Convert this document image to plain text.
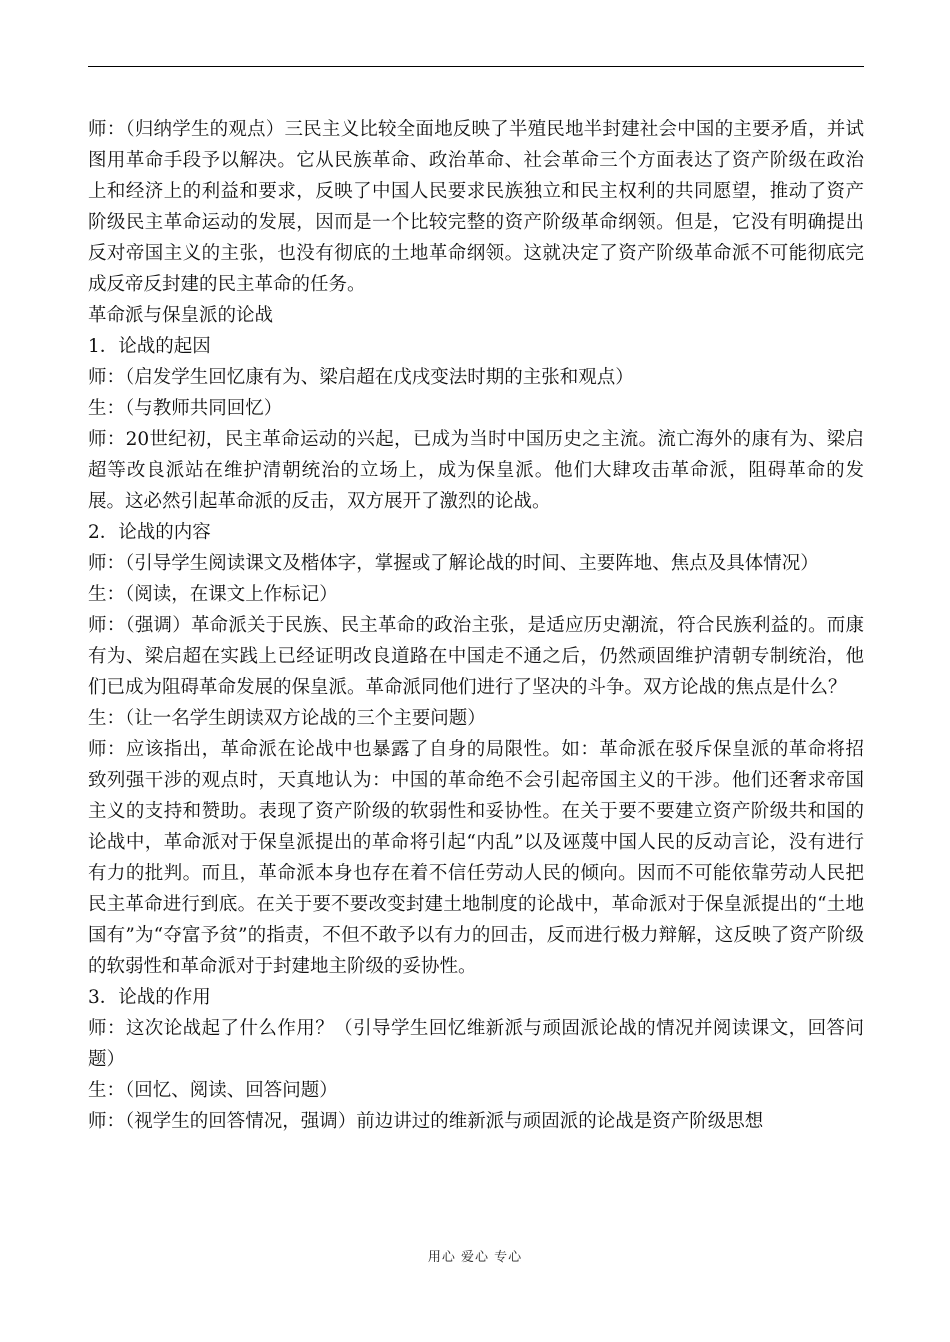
师：（归纳学生的观点）三民主义比较全面地反映了半殖民地半封建社会中国的主要矛盾，并试图用革命手段予以解决。它从民族革命、政治革命、社会革命三个方面表达了资产阶级在政治上和经济上的利益和要求，反映了中国人民要求民族独立和民主权利的共同愿望，推动了资产阶级民主革命运动的发展，因而是一个比较完整的资产阶级革命纲领。但是，它没有明确提出反对帝国主义的主张，也没有彻底的土地革命纲领。这就决定了资产阶级革命派不可能彻底完成反帝反封建的民主革命的任务。

革命派与保皇派的论战

1．论战的起因

师：（启发学生回忆康有为、梁启超在戊戌变法时期的主张和观点）

生：（与教师共同回忆）

师：20世纪初，民主革命运动的兴起，已成为当时中国历史之主流。流亡海外的康有为、梁启超等改良派站在维护清朝统治的立场上，成为保皇派。他们大肆攻击革命派，阻碍革命的发展。这必然引起革命派的反击，双方展开了激烈的论战。

2．论战的内容

师：（引导学生阅读课文及楷体字，掌握或了解论战的时间、主要阵地、焦点及具体情况）

生：（阅读，在课文上作标记）

师：（强调）革命派关于民族、民主革命的政治主张，是适应历史潮流，符合民族利益的。而康有为、梁启超在实践上已经证明改良道路在中国走不通之后，仍然顽固维护清朝专制统治，他们已成为阻碍革命发展的保皇派。革命派同他们进行了坚决的斗争。双方论战的焦点是什么？

生：（让一名学生朗读双方论战的三个主要问题）

师：应该指出，革命派在论战中也暴露了自身的局限性。如：革命派在驳斥保皇派的革命将招致列强干涉的观点时，天真地认为：中国的革命绝不会引起帝国主义的干涉。他们还奢求帝国主义的支持和赞助。表现了资产阶级的软弱性和妥协性。在关于要不要建立资产阶级共和国的论战中，革命派对于保皇派提出的革命将引起“内乱”以及诬蔑中国人民的反动言论，没有进行有力的批判。而且，革命派本身也存在着不信任劳动人民的倾向。因而不可能依靠劳动人民把民主革命进行到底。在关于要不要改变封建土地制度的论战中，革命派对于保皇派提出的“土地国有”为“夺富予贫”的指责，不但不敢予以有力的回击，反而进行极力辩解，这反映了资产阶级的软弱性和革命派对于封建地主阶级的妥协性。

3．论战的作用

师：这次论战起了什么作用？（引导学生回忆维新派与顽固派论战的情况并阅读课文，回答问题）

生：（回忆、阅读、回答问题）

师：（视学生的回答情况，强调）前边讲过的维新派与顽固派的论战是资产阶级思想

用心 爱心 专心
